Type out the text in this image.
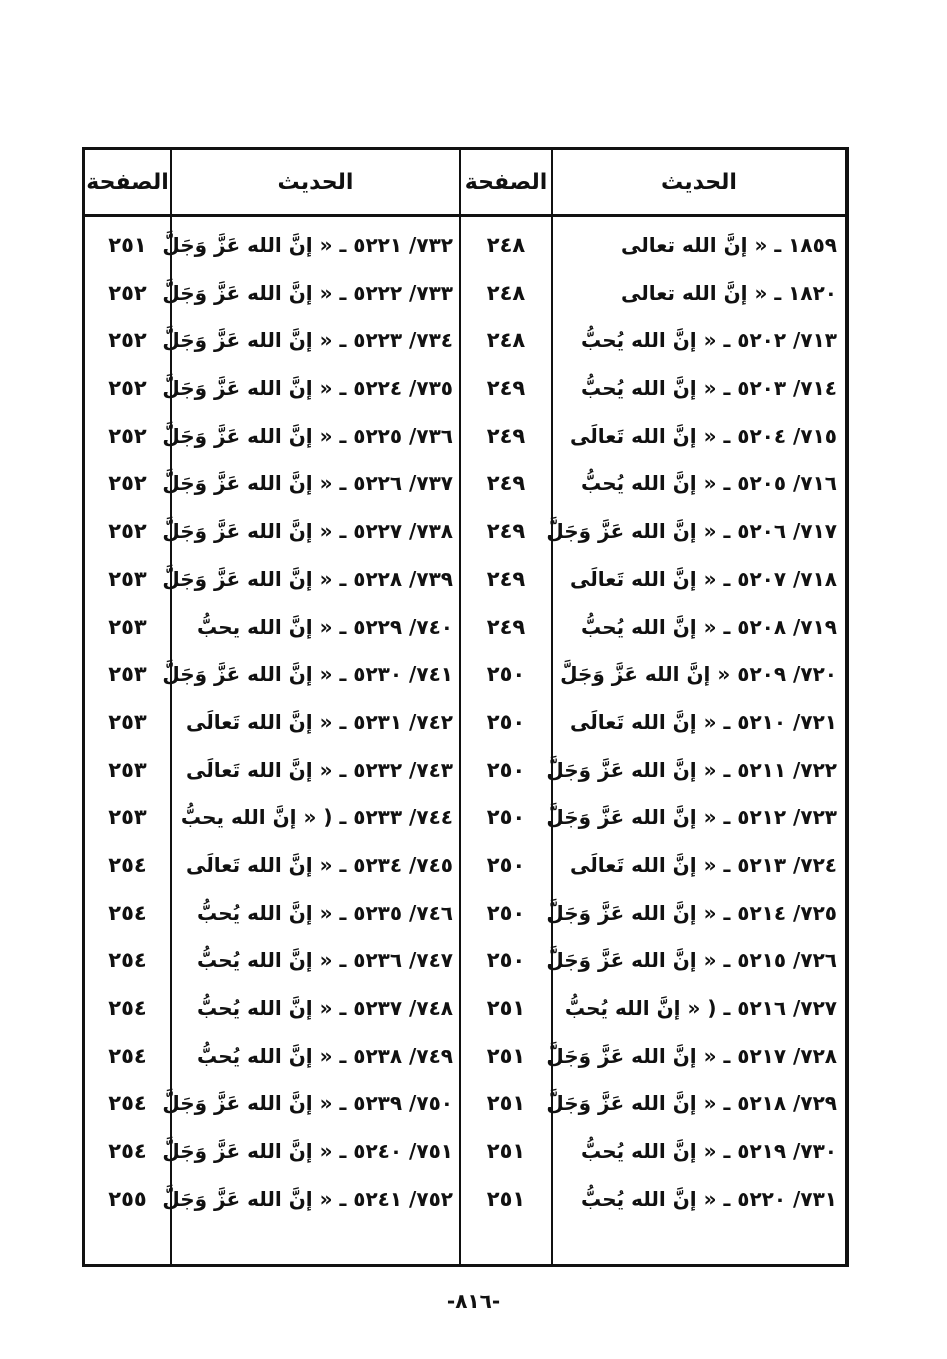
الحديث
الصفحة
الحديث
الصفحة
١٨٥٩ ـ « إنَّ الله تعالى
٢٤٨
٧٣٢/ ٥٢٢١ ـ « إنَّ الله عَزَّ وَجَلَّ
٢٥١
١٨٢٠ ـ « إنَّ الله تعالى
٢٤٨
٧٣٣/ ٥٢٢٢ ـ « إنَّ الله عَزَّ وَجَلَّ
٢٥٢
٧١٣/ ٥٢٠٢ ـ « إنَّ الله يُحبُّ
٢٤٨
٧٣٤/ ٥٢٢٣ ـ « إنَّ الله عَزَّ وَجَلَّ
٢٥٢
٧١٤/ ٥٢٠٣ ـ « إنَّ الله يُحبُّ
٢٤٩
٧٣٥/ ٥٢٢٤ ـ « إنَّ الله عَزَّ وَجَلَّ
٢٥٢
٧١٥/ ٥٢٠٤ ـ « إنَّ الله تَعالَى
٢٤٩
٧٣٦/ ٥٢٢٥ ـ « إنَّ الله عَزَّ وَجَلَّ
٢٥٢
٧١٦/ ٥٢٠٥ ـ « إنَّ الله يُحبُّ
٢٤٩
٧٣٧/ ٥٢٢٦ ـ « إنَّ الله عَزَّ وَجَلَّ
٢٥٢
٧١٧/ ٥٢٠٦ ـ « إنَّ الله عَزَّ وَجَلَّ
٢٤٩
٧٣٨/ ٥٢٢٧ ـ « إنَّ الله عَزَّ وَجَلَّ
٢٥٢
٧١٨/ ٥٢٠٧ ـ « إنَّ الله تَعالَى
٢٤٩
٧٣٩/ ٥٢٢٨ ـ « إنَّ الله عَزَّ وَجَلَّ
٢٥٣
٧١٩/ ٥٢٠٨ ـ « إنَّ الله يُحبُّ
٢٤٩
٧٤٠/ ٥٢٢٩ ـ « إنَّ الله يحبُّ
٢٥٣
٧٢٠/ ٥٢٠٩ « إنَّ الله عَزَّ وَجَلَّ
٢٥٠
٧٤١/ ٥٢٣٠ ـ « إنَّ الله عَزَّ وَجَلَّ
٢٥٣
٧٢١/ ٥٢١٠ ـ « إنَّ الله تَعالَى
٢٥٠
٧٤٢/ ٥٢٣١ ـ « إنَّ الله تَعالَى
٢٥٣
٧٢٢/ ٥٢١١ ـ « إنَّ الله عَزَّ وَجَلَّ
٢٥٠
٧٤٣/ ٥٢٣٢ ـ « إنَّ الله تَعالَى
٢٥٣
٧٢٣/ ٥٢١٢ ـ « إنَّ الله عَزَّ وَجَلَّ
٢٥٠
٧٤٤/ ٥٢٣٣ ـ ( « إنَّ الله يحبُّ
٢٥٣
٧٢٤/ ٥٢١٣ ـ « إنَّ الله تَعالَى
٢٥٠
٧٤٥/ ٥٢٣٤ ـ « إنَّ الله تَعالَى
٢٥٤
٧٢٥/ ٥٢١٤ ـ « إنَّ الله عَزَّ وَجَلَّ
٢٥٠
٧٤٦/ ٥٢٣٥ ـ « إنَّ الله يُحبُّ
٢٥٤
٧٢٦/ ٥٢١٥ ـ « إنَّ الله عَزَّ وَجَلَّ
٢٥٠
٧٤٧/ ٥٢٣٦ ـ « إنَّ الله يُحبُّ
٢٥٤
٧٢٧/ ٥٢١٦ ـ ( « إنَّ الله يُحبُّ
٢٥١
٧٤٨/ ٥٢٣٧ ـ « إنَّ الله يُحبُّ
٢٥٤
٧٢٨/ ٥٢١٧ ـ « إنَّ الله عَزَّ وَجَلَّ
٢٥١
٧٤٩/ ٥٢٣٨ ـ « إنَّ الله يُحبُّ
٢٥٤
٧٢٩/ ٥٢١٨ ـ « إنَّ الله عَزَّ وَجَلَّ
٢٥١
٧٥٠/ ٥٢٣٩ ـ « إنَّ الله عَزَّ وَجَلَّ
٢٥٤
٧٣٠/ ٥٢١٩ ـ « إنَّ الله يُحبُّ
٢٥١
٧٥١/ ٥٢٤٠ ـ « إنَّ الله عَزَّ وَجَلَّ
٢٥٤
٧٣١/ ٥٢٢٠ ـ « إنَّ الله يُحبُّ
٢٥١
٧٥٢/ ٥٢٤١ ـ « إنَّ الله عَزَّ وَجَلَّ
٢٥٥
-٨١٦-
